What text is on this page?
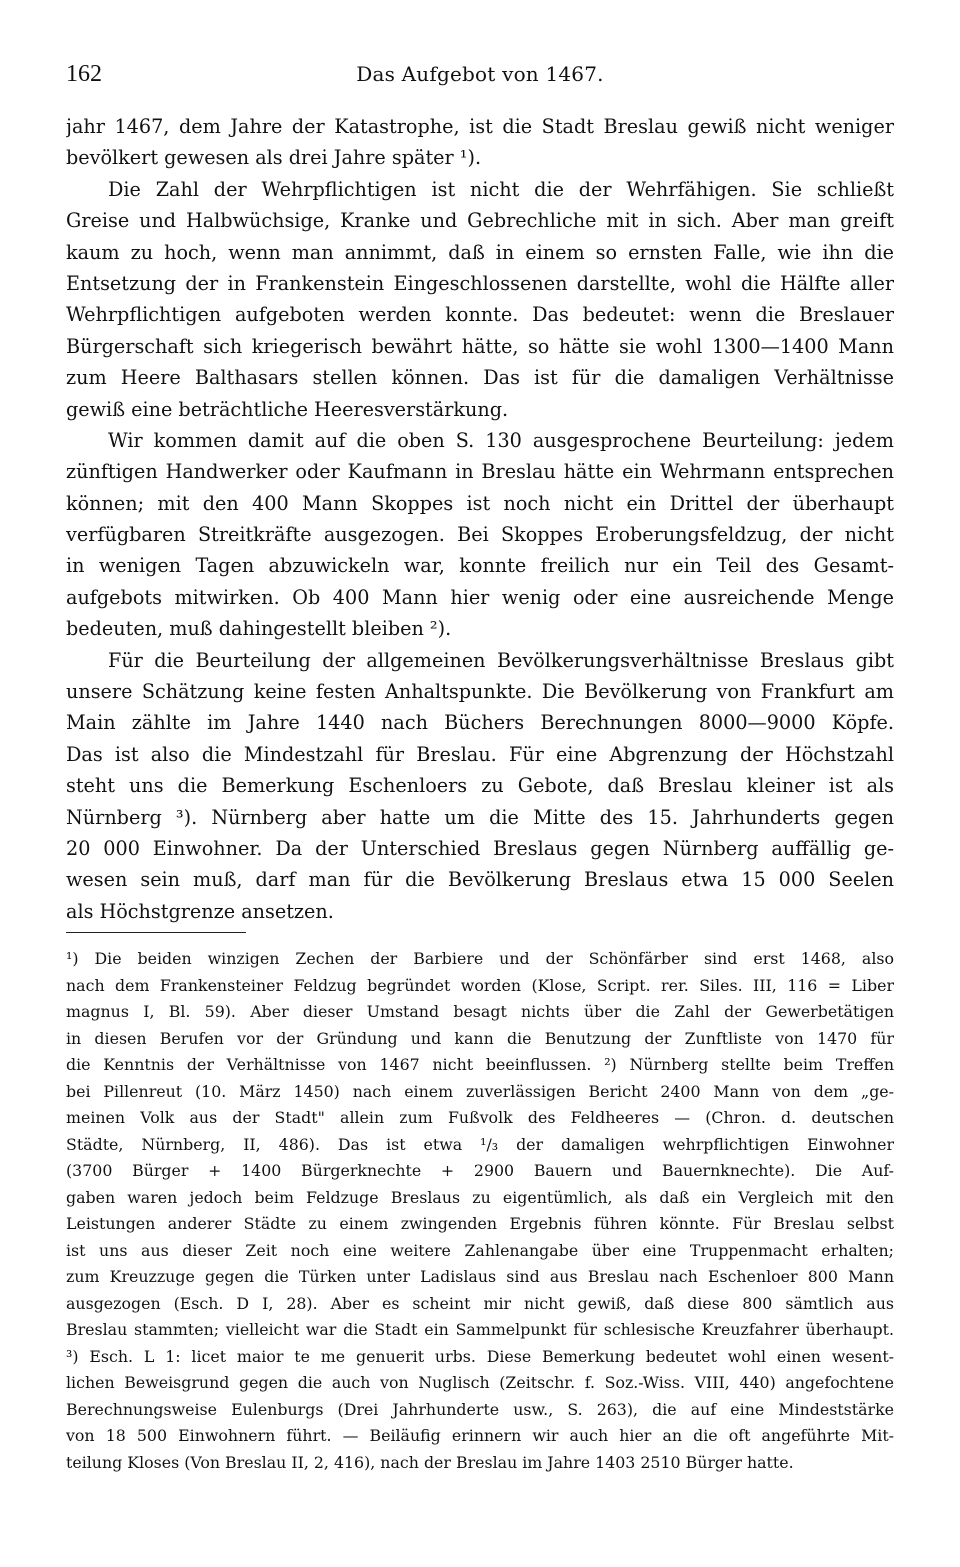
162	Das Aufgebot von 1467.
jahr 1467, dem Jahre der Katastrophe, ist die Stadt Breslau gewiß nicht weniger
bevölkert gewesen als drei Jahre später ¹).
Die Zahl der Wehrpflichtigen ist nicht die der Wehrfähigen. Sie schließt
Greise und Halbwüchsige, Kranke und Gebrechliche mit in sich. Aber man greift
kaum zu hoch, wenn man annimmt, daß in einem so ernsten Falle, wie ihn die
Entsetzung der in Frankenstein Eingeschlossenen darstellte, wohl die Hälfte aller
Wehrpflichtigen aufgeboten werden konnte. Das bedeutet: wenn die Breslauer
Bürgerschaft sich kriegerisch bewährt hätte, so hätte sie wohl 1300—1400 Mann
zum Heere Balthasars stellen können. Das ist für die damaligen Verhältnisse
gewiß eine beträchtliche Heeresverstärkung.
Wir kommen damit auf die oben S. 130 ausgesprochene Beurteilung: jedem
zünftigen Handwerker oder Kaufmann in Breslau hätte ein Wehrmann entsprechen
können; mit den 400 Mann Skoppes ist noch nicht ein Drittel der überhaupt
verfügbaren Streitkräfte ausgezogen. Bei Skoppes Eroberungsfeldzug, der nicht
in wenigen Tagen abzuwickeln war, konnte freilich nur ein Teil des Gesamt-
aufgebots mitwirken. Ob 400 Mann hier wenig oder eine ausreichende Menge
bedeuten, muß dahingestellt bleiben ²).
Für die Beurteilung der allgemeinen Bevölkerungsverhältnisse Breslaus gibt
unsere Schätzung keine festen Anhaltspunkte. Die Bevölkerung von Frankfurt am
Main zählte im Jahre 1440 nach Büchers Berechnungen 8000—9000 Köpfe.
Das ist also die Mindestzahl für Breslau. Für eine Abgrenzung der Höchstzahl
steht uns die Bemerkung Eschenloers zu Gebote, daß Breslau kleiner ist als
Nürnberg ³). Nürnberg aber hatte um die Mitte des 15. Jahrhunderts gegen
20 000 Einwohner. Da der Unterschied Breslaus gegen Nürnberg auffällig ge-
wesen sein muß, darf man für die Bevölkerung Breslaus etwa 15 000 Seelen
als Höchstgrenze ansetzen.
¹) Die beiden winzigen Zechen der Barbiere und der Schönfärber sind erst 1468, also
nach dem Frankensteiner Feldzug begründet worden (Klose, Script. rer. Siles. III, 116 = Liber
magnus I, Bl. 59). Aber dieser Umstand besagt nichts über die Zahl der Gewerbetätigen
in diesen Berufen vor der Gründung und kann die Benutzung der Zunftliste von 1470 für
die Kenntnis der Verhältnisse von 1467 nicht beeinflussen. ²) Nürnberg stellte beim Treffen
bei Pillenreut (10. März 1450) nach einem zuverlässigen Bericht 2400 Mann von dem „ge-
meinen Volk aus der Stadt" allein zum Fußvolk des Feldheeres — (Chron. d. deutschen
Städte, Nürnberg, II, 486). Das ist etwa ¹/₃ der damaligen wehrpflichtigen Einwohner
(3700 Bürger + 1400 Bürgerknechte + 2900 Bauern und Bauernknechte). Die Auf-
gaben waren jedoch beim Feldzuge Breslaus zu eigentümlich, als daß ein Vergleich mit den
Leistungen anderer Städte zu einem zwingenden Ergebnis führen könnte. Für Breslau selbst
ist uns aus dieser Zeit noch eine weitere Zahlenangabe über eine Truppenmacht erhalten;
zum Kreuzzuge gegen die Türken unter Ladislaus sind aus Breslau nach Eschenloer 800 Mann
ausgezogen (Esch. D I, 28). Aber es scheint mir nicht gewiß, daß diese 800 sämtlich aus
Breslau stammten; vielleicht war die Stadt ein Sammelpunkt für schlesische Kreuzfahrer überhaupt.
³) Esch. L 1: licet maior te me genuerit urbs. Diese Bemerkung bedeutet wohl einen wesent-
lichen Beweisgrund gegen die auch von Nuglisch (Zeitschr. f. Soz.-Wiss. VIII, 440) angefochtene
Berechnungsweise Eulenburgs (Drei Jahrhunderte usw., S. 263), die auf eine Mindeststärke
von 18 500 Einwohnern führt. — Beiläufig erinnern wir auch hier an die oft angeführte Mit-
teilung Kloses (Von Breslau II, 2, 416), nach der Breslau im Jahre 1403 2510 Bürger hatte.
